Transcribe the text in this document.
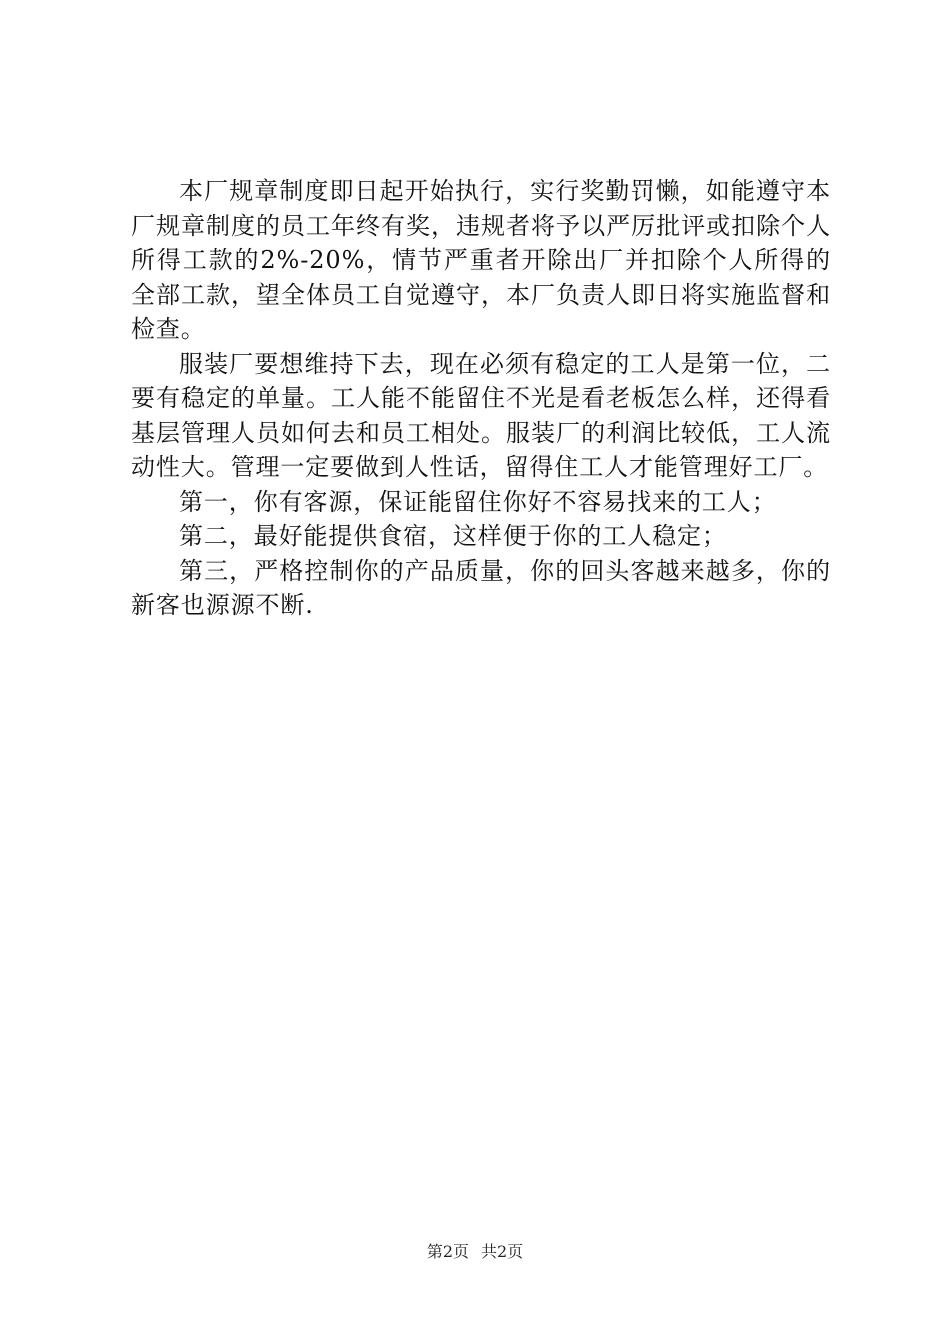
本厂规章制度即日起开始执行，实行奖勤罚懒，如能遵守本厂规章制度的员工年终有奖，违规者将予以严厉批评或扣除个人所得工款的2%-20%，情节严重者开除出厂并扣除个人所得的全部工款，望全体员工自觉遵守，本厂负责人即日将实施监督和检查。

服装厂要想维持下去，现在必须有稳定的工人是第一位，二要有稳定的单量。工人能不能留住不光是看老板怎么样，还得看基层管理人员如何去和员工相处。服装厂的利润比较低，工人流动性大。管理一定要做到人性话，留得住工人才能管理好工厂。

第一，你有客源，保证能留住你好不容易找来的工人；

第二，最好能提供食宿，这样便于你的工人稳定；

第三，严格控制你的产品质量，你的回头客越来越多，你的新客也源源不断.

第2页 共2页
